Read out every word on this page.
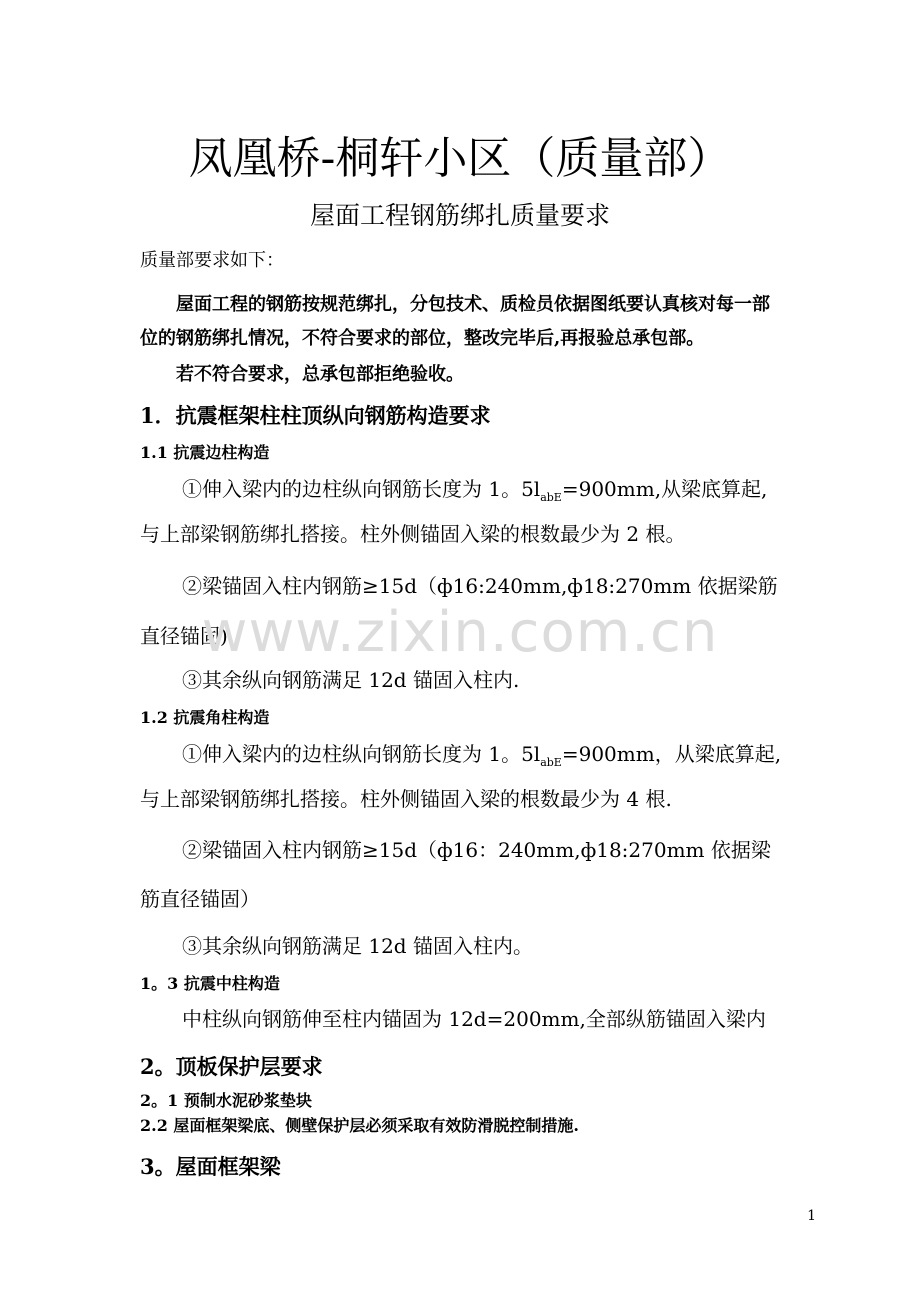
凤凰桥-桐轩小区（质量部）
屋面工程钢筋绑扎质量要求
质量部要求如下：
屋面工程的钢筋按规范绑扎，分包技术、质检员依据图纸要认真核对每一部
位的钢筋绑扎情况，不符合要求的部位，整改完毕后,再报验总承包部。
若不符合要求，总承包部拒绝验收。
1．抗震框架柱柱顶纵向钢筋构造要求
1.1 抗震边柱构造
①伸入梁内的边柱纵向钢筋长度为 1。$5l_{abE}=900mm$,从梁底算起,
与上部梁钢筋绑扎搭接。柱外侧锚固入梁的根数最少为 2 根。
②梁锚固入柱内钢筋≥15d（ф16:240mm,ф18:270mm 依据梁筋
直径锚固)
③其余纵向钢筋满足 12d 锚固入柱内.
1.2 抗震角柱构造
①伸入梁内的边柱纵向钢筋长度为 1。$5l_{abE}=900mm$，从梁底算起,
与上部梁钢筋绑扎搭接。柱外侧锚固入梁的根数最少为 4 根.
②梁锚固入柱内钢筋≥15d（ф16：240mm,ф18:270mm 依据梁
筋直径锚固）
③其余纵向钢筋满足 12d 锚固入柱内。
1。3 抗震中柱构造
中柱纵向钢筋伸至柱内锚固为 12d=200mm,全部纵筋锚固入梁内
2。顶板保护层要求
2。1 预制水泥砂浆垫块
2.2 屋面框架梁底、侧壁保护层必须采取有效防滑脱控制措施.
3。屋面框架梁
www.zixin.com.cn
1
